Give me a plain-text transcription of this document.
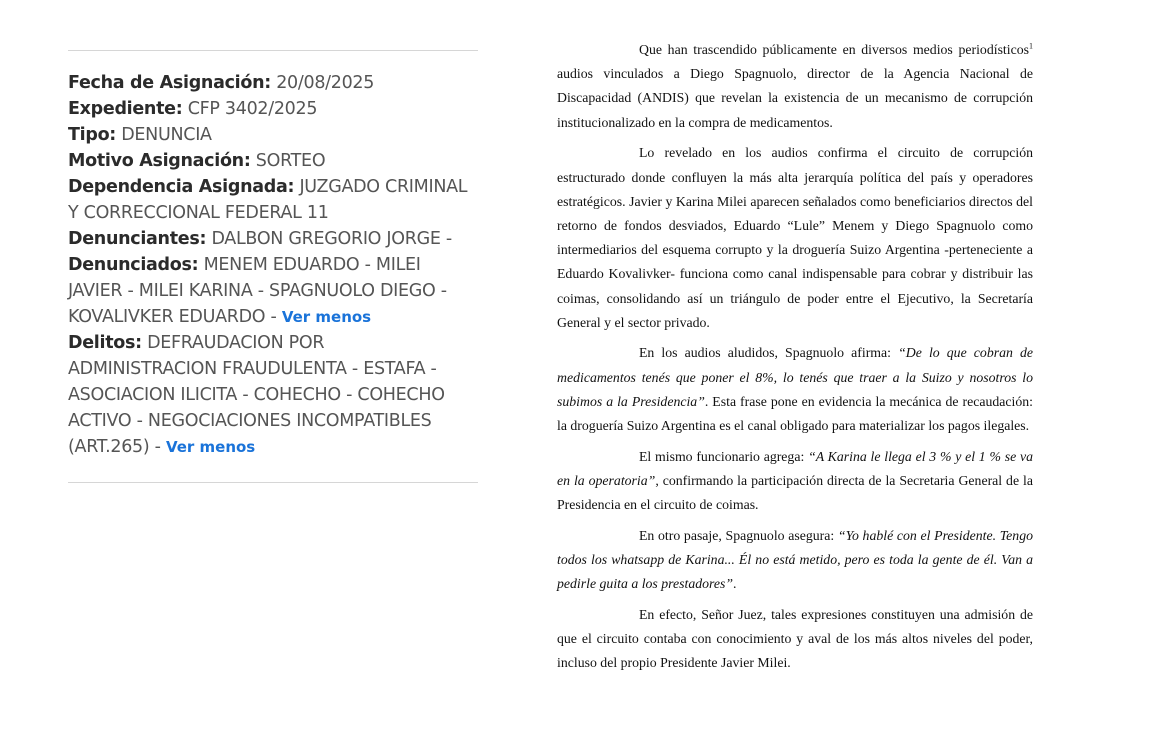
Fecha de Asignación: 20/08/2025
Expediente: CFP 3402/2025
Tipo: DENUNCIA
Motivo Asignación: SORTEO
Dependencia Asignada: JUZGADO CRIMINAL Y CORRECCIONAL FEDERAL 11
Denunciantes: DALBON GREGORIO JORGE -
Denunciados: MENEM EDUARDO - MILEI JAVIER - MILEI KARINA - SPAGNUOLO DIEGO - KOVALIVKER EDUARDO - Ver menos
Delitos: DEFRAUDACION POR ADMINISTRACION FRAUDULENTA - ESTAFA - ASOCIACION ILICITA - COHECHO - COHECHO ACTIVO - NEGOCIACIONES INCOMPATIBLES (ART.265) - Ver menos

Que han trascendido públicamente en diversos medios periodísticos$^1$ audios vinculados a Diego Spagnuolo, director de la Agencia Nacional de Discapacidad (ANDIS) que revelan la existencia de un mecanismo de corrupción institucionalizado en la compra de medicamentos.

Lo revelado en los audios confirma el circuito de corrupción estructurado donde confluyen la más alta jerarquía política del país y operadores estratégicos. Javier y Karina Milei aparecen señalados como beneficiarios directos del retorno de fondos desviados, Eduardo “Lule” Menem y Diego Spagnuolo como intermediarios del esquema corrupto y la droguería Suizo Argentina -perteneciente a Eduardo Kovalivker- funciona como canal indispensable para cobrar y distribuir las coimas, consolidando así un triángulo de poder entre el Ejecutivo, la Secretaría General y el sector privado.

En los audios aludidos, Spagnuolo afirma: “De lo que cobran de medicamentos tenés que poner el 8%, lo tenés que traer a la Suizo y nosotros lo subimos a la Presidencia”. Esta frase pone en evidencia la mecánica de recaudación: la droguería Suizo Argentina es el canal obligado para materializar los pagos ilegales.

El mismo funcionario agrega: “A Karina le llega el 3 % y el 1 % se va en la operatoria”, confirmando la participación directa de la Secretaria General de la Presidencia en el circuito de coimas.

En otro pasaje, Spagnuolo asegura: “Yo hablé con el Presidente. Tengo todos los whatsapp de Karina... Él no está metido, pero es toda la gente de él. Van a pedirle guita a los prestadores”.

En efecto, Señor Juez, tales expresiones constituyen una admisión de que el circuito contaba con conocimiento y aval de los más altos niveles del poder, incluso del propio Presidente Javier Milei.
